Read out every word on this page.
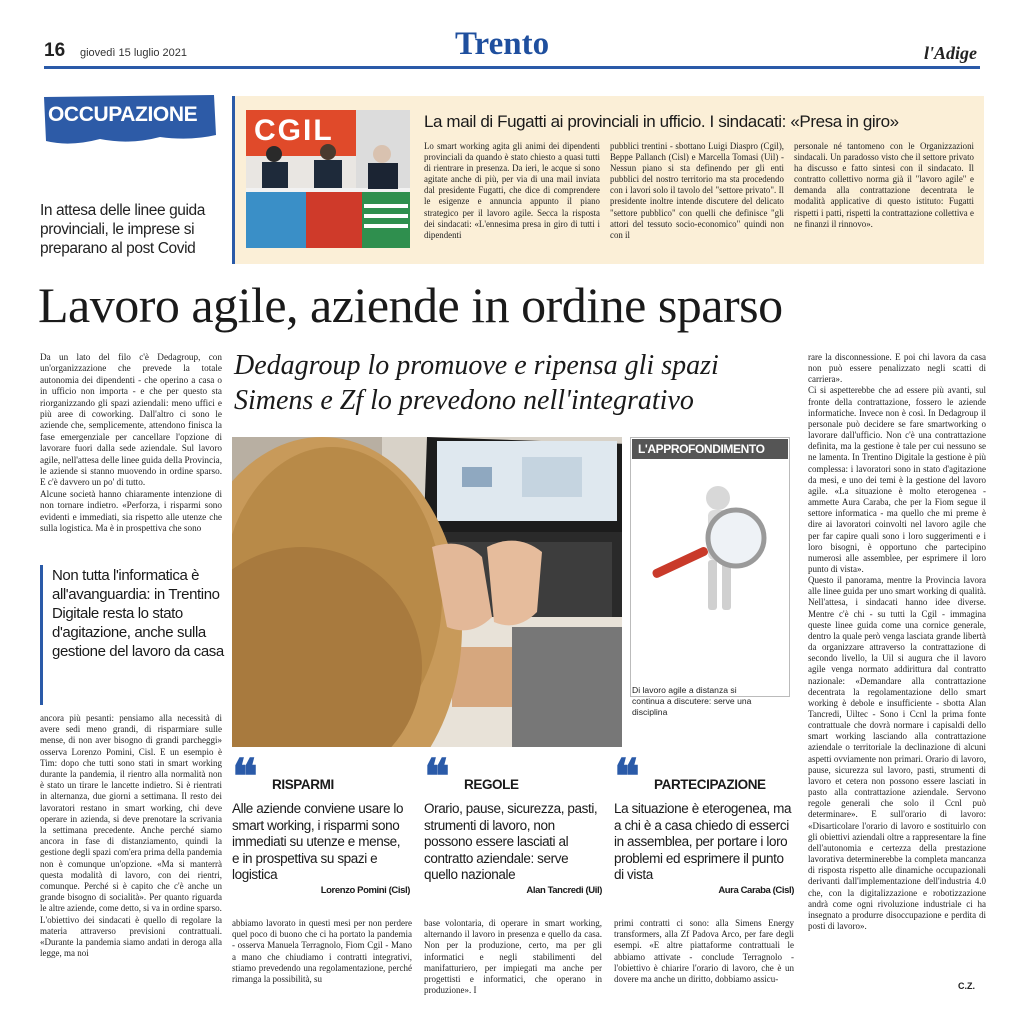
16 giovedì 15 luglio 2021	Trento	l'Adige
OCCUPAZIONE
In attesa delle linee guida provinciali, le imprese si preparano al post Covid
La mail di Fugatti ai provinciali in ufficio. I sindacati: «Presa in giro»
CGIL	Lo smart working agita gli animi dei dipendenti provinciali da quando è stato chiesto a quasi tutti di rientrare in presenza. Da ieri, le acque si sono agitate anche di più, per via di una mail inviata dal presidente Fugatti, che dice di comprendere le esigenze e annuncia appunto il piano strategico per il lavoro agile. Secca la risposta dei sindacati: «L'ennesima presa in giro di tutti i dipendenti
pubblici trentini - sbottano Luigi Diaspro (Cgil), Beppe Pallanch (Cisl) e Marcella Tomasi (Uil) - Nessun piano si sta definendo per gli enti pubblici del nostro territorio ma sta procedendo con i lavori solo il tavolo del "settore privato". Il presidente inoltre intende discutere del delicato "settore pubblico" con quelli che definisce "gli attori del tessuto socio-economico" quindi non con il
personale né tantomeno con le Organizzazioni sindacali. Un paradosso visto che il settore privato ha discusso e fatto sintesi con il sindacato. Il contratto collettivo norma già il "lavoro agile" e demanda alla contrattazione decentrata le modalità applicative di questo istituto: Fugatti rispetti i patti, rispetti la contrattazione collettiva e ne finanzi il rinnovo».
Lavoro agile, aziende in ordine sparso
Dedagroup lo promuove e ripensa gli spazi
Simens e Zf lo prevedono nell'integrativo
Da un lato del filo c'è Dedagroup, con un'organizzazione che prevede la totale autonomia dei dipendenti - che operino a casa o in ufficio non importa - e che per questo sta riorganizzando gli spazi aziendali: meno uffici e più aree di coworking. Dall'altro ci sono le aziende che, semplicemente, attendono finisca la fase emergenziale per cancellare l'opzione di lavorare fuori dalla sede aziendale. Sul lavoro agile, nell'attesa delle linee guida della Provincia, le aziende si stanno muovendo in ordine sparso. E c'è davvero un po' di tutto.
Alcune società hanno chiaramente intenzione di non tornare indietro. «Perforza, i risparmi sono evidenti e immediati, sia rispetto alle utenze che sulla logistica. Ma è in prospettiva che sono
Non tutta l'informatica è all'avanguardia: in Trentino Digitale resta lo stato d'agitazione, anche sulla gestione del lavoro da casa
ancora più pesanti: pensiamo alla necessità di avere sedi meno grandi, di risparmiare sulle mense, di non aver bisogno di grandi parcheggi» osserva Lorenzo Pomini, Cisl. E un esempio è Tim: dopo che tutti sono stati in smart working durante la pandemia, il rientro alla normalità non è stato un tirare le lancette indietro. Si è rientrati in alternanza, due giorni a settimana. Il resto dei lavoratori restano in smart working, chi deve operare in azienda, si deve prenotare la scrivania la settimana precedente. Anche perché siamo ancora in fase di distanziamento, quindi la gestione degli spazi com'era prima della pandemia non è comunque un'opzione. «Ma si manterrà questa modalità di lavoro, con dei rientri, comunque. Perché si è capito che c'è anche un grande bisogno di socialità». Per quanto riguarda le altre aziende, come detto, si va in ordine sparso.
L'obiettivo dei sindacati è quello di regolare la materia attraverso previsioni contrattuali. «Durante la pandemia siamo andati in deroga alla legge, ma noi
L'APPROFONDIMENTO
Di lavoro agile a distanza si continua a discutere: serve una disciplina
rare la disconnessione. E poi chi lavora da casa non può essere penalizzato negli scatti di carriera».
Ci si aspetterebbe che ad essere più avanti, sul fronte della contrattazione, fossero le aziende informatiche. Invece non è così. In Dedagroup il personale può decidere se fare smartworking o lavorare dall'ufficio. Non c'è una contrattazione definita, ma la gestione è tale per cui nessuno se ne lamenta. In Trentino Digitale la gestione è più complessa: i lavoratori sono in stato d'agitazione da mesi, e uno dei temi è la gestione del lavoro agile. «La situazione è molto eterogenea - ammette Aura Caraba, che per la Fiom segue il settore informatica - ma quello che mi preme è dire ai lavoratori coinvolti nel lavoro agile che per far capire quali sono i loro suggerimenti e i loro bisogni, è opportuno che partecipino numerosi alle assemblee, per esprimere il loro punto di vista».
Questo il panorama, mentre la Provincia lavora alle linee guida per uno smart working di qualità. Nell'attesa, i sindacati hanno idee diverse. Mentre c'è chi - su tutti la Cgil - immagina queste linee guida come una cornice generale, dentro la quale però venga lasciata grande libertà da organizzare attraverso la contrattazione di secondo livello, la Uil si augura che il lavoro agile venga normato addirittura dal contratto nazionale: «Demandare alla contrattazione decentrata la regolamentazione dello smart working è debole e insufficiente - sbotta Alan Tancredi, Uiltec - Sono i Ccnl la prima fonte contrattuale che dovrà normare i capisaldi dello smart working lasciando alla contrattazione aziendale o territoriale la declinazione di alcuni aspetti ovviamente non primari. Orario di lavoro, pause, sicurezza sul lavoro, pasti, strumenti di lavoro et cetera non possono essere lasciati in pasto alla contrattazione aziendale. Servono regole generali che solo il Ccnl può determinare». E sull'orario di lavoro: «Disarticolare l'orario di lavoro e sostituirlo con gli obiettivi aziendali oltre a rappresentare la fine dell'autonomia e certezza della prestazione lavorativa determinerebbe la completa mancanza di risposta rispetto alle dinamiche occupazionali derivanti dall'implementazione dell'industria 4.0 che, con la digitalizzazione e robotizzazione andrà come ogni rivoluzione industriale ci ha insegnato a produrre disoccupazione e perdita di posti di lavoro».
C.Z.
❝ RISPARMI
Alle aziende conviene usare lo smart working, i risparmi sono immediati su utenze e mense, e in prospettiva su spazi e logistica
Lorenzo Pomini (Cisl)
❝ REGOLE
Orario, pause, sicurezza, pasti, strumenti di lavoro, non possono essere lasciati al contratto aziendale: serve quello nazionale
Alan Tancredi (Uil)
❝ PARTECIPAZIONE
La situazione è eterogenea, ma a chi è a casa chiedo di esserci in assemblea, per portare i loro problemi ed esprimere il punto di vista
Aura Caraba (Cisl)
abbiamo lavorato in questi mesi per non perdere quel poco di buono che ci ha portato la pandemia - osserva Manuela Terragnolo, Fiom Cgil - Mano a mano che chiudiamo i contratti integrativi, stiamo prevedendo una regolamentazione, perché rimanga la possibilità, su
base volontaria, di operare in smart working, alternando il lavoro in presenza e quello da casa. Non per la produzione, certo, ma per gli informatici e negli stabilimenti del manifatturiero, per impiegati ma anche per progettisti e informatici, che operano in produzione». I
primi contratti ci sono: alla Simens Energy transformers, alla Zf Padova Arco, per fare degli esempi. «E altre piattaforme contrattuali le abbiamo attivate - conclude Terragnolo - l'obiettivo è chiarire l'orario di lavoro, che è un dovere ma anche un diritto, dobbiamo assicu-
